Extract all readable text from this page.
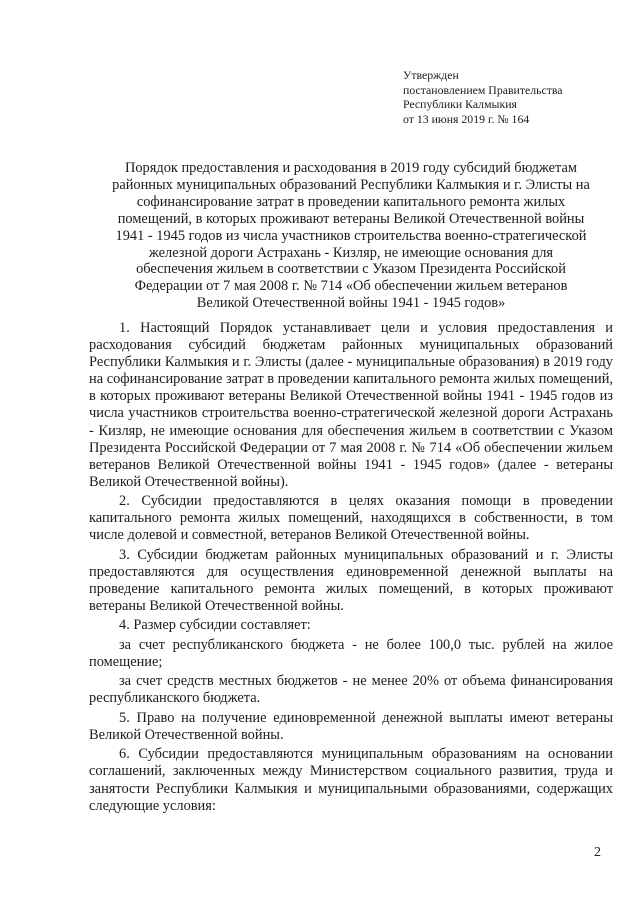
Утвержден
постановлением Правительства
Республики Калмыкия
от 13 июня 2019 г. № 164
Порядок предоставления и расходования в 2019 году субсидий бюджетам
районных муниципальных образований Республики Калмыкия и г. Элисты на
софинансирование затрат в проведении капитального ремонта жилых
помещений, в которых проживают ветераны Великой Отечественной войны
1941 - 1945 годов из числа участников строительства военно-стратегической
железной дороги Астрахань - Кизляр, не имеющие основания для
обеспечения жильем в соответствии с Указом Президента Российской
Федерации от 7 мая 2008 г. № 714 «Об обеспечении жильем ветеранов
Великой Отечественной войны 1941 - 1945 годов»

1. Настоящий Порядок устанавливает цели и условия предоставления и расходования субсидий бюджетам районных муниципальных образований Республики Калмыкия и г. Элисты (далее - муниципальные образования) в 2019 году на софинансирование затрат в проведении капитального ремонта жилых помещений, в которых проживают ветераны Великой Отечественной войны 1941 - 1945 годов из числа участников строительства военно-стратегической железной дороги Астрахань - Кизляр, не имеющие основания для обеспечения жильем в соответствии с Указом Президента Российской Федерации от 7 мая 2008 г. № 714 «Об обеспечении жильем ветеранов Великой Отечественной войны 1941 - 1945 годов» (далее - ветераны Великой Отечественной войны).

2. Субсидии предоставляются в целях оказания помощи в проведении капитального ремонта жилых помещений, находящихся в собственности, в том числе долевой и совместной, ветеранов Великой Отечественной войны.

3. Субсидии бюджетам районных муниципальных образований и г. Элисты предоставляются для осуществления единовременной денежной выплаты на проведение капитального ремонта жилых помещений, в которых проживают ветераны Великой Отечественной войны.

4. Размер субсидии составляет:

за счет республиканского бюджета - не более 100,0 тыс. рублей на жилое помещение;

за счет средств местных бюджетов - не менее 20% от объема финансирования республиканского бюджета.

5. Право на получение единовременной денежной выплаты имеют ветераны Великой Отечественной войны.

6. Субсидии предоставляются муниципальным образованиям на основании соглашений, заключенных между Министерством социального развития, труда и занятости Республики Калмыкия и муниципальными образованиями, содержащих следующие условия:

2
